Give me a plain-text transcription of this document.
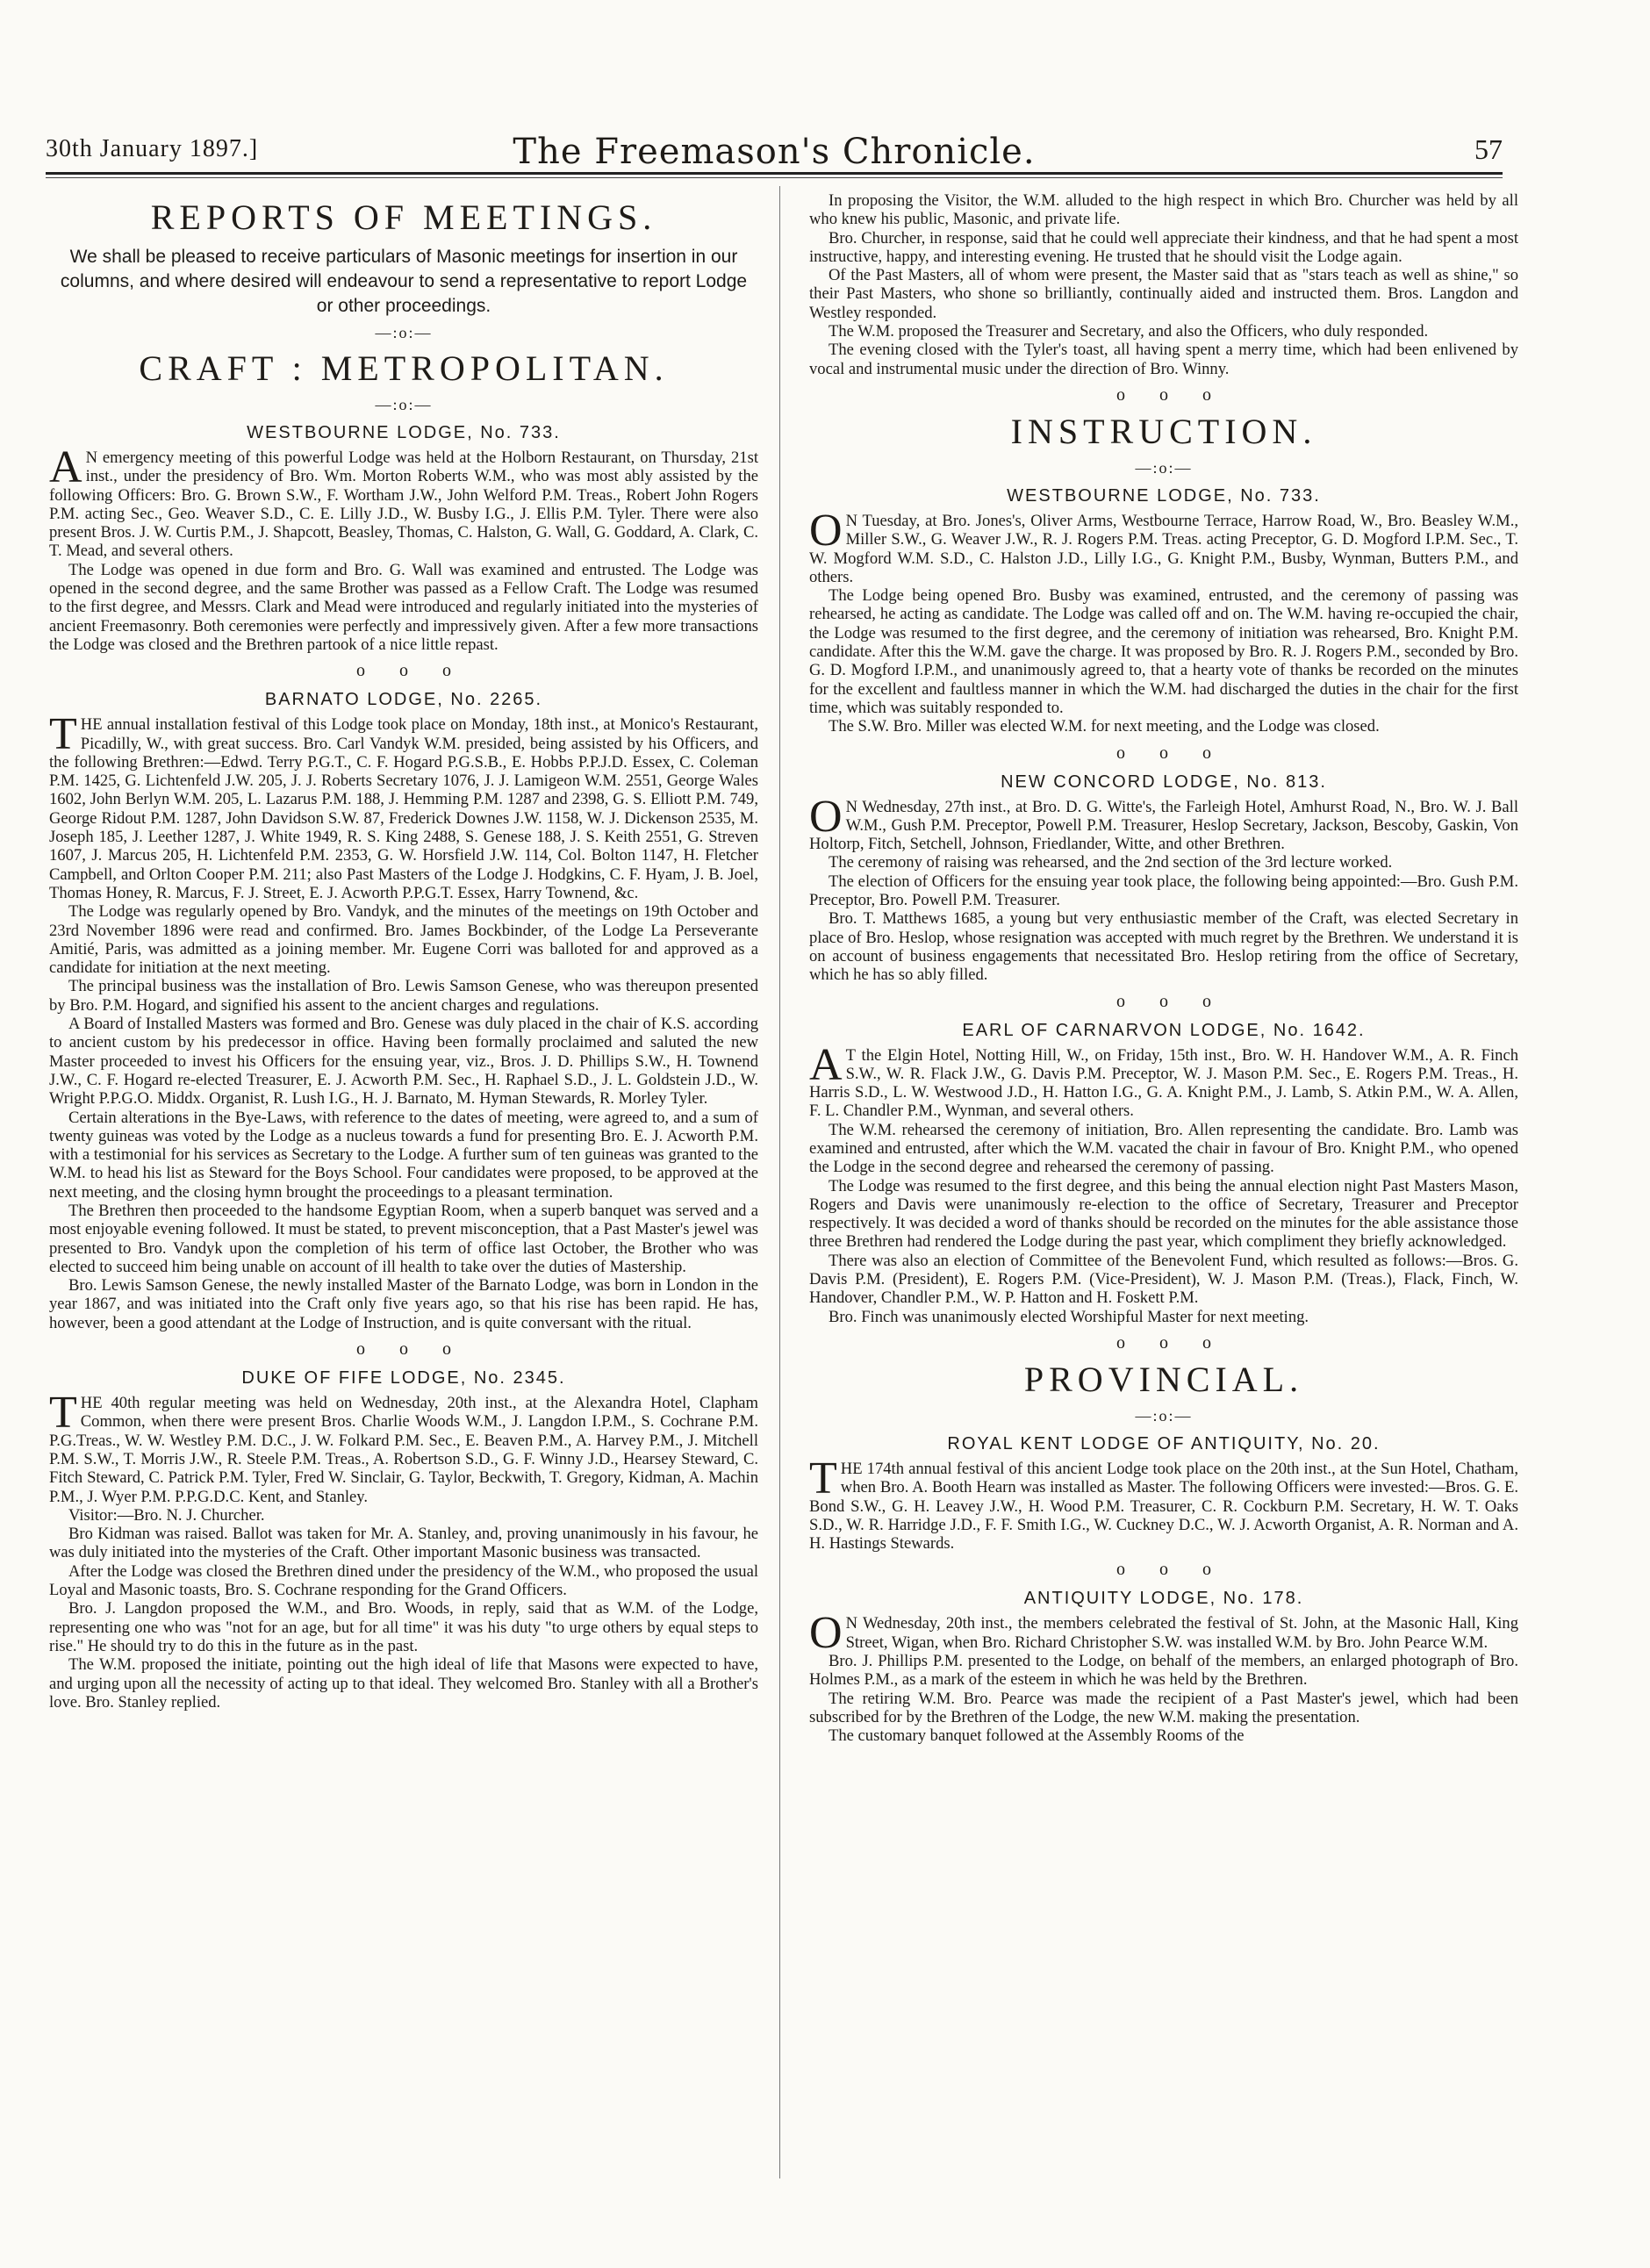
30th January 1897.]	The Freemason's Chronicle.	57
REPORTS OF MEETINGS.
We shall be pleased to receive particulars of Masonic meetings for insertion in our columns, and where desired will endeavour to send a representative to report Lodge or other proceedings.
—:o:—
CRAFT : METROPOLITAN.
—:o:—
WESTBOURNE LODGE, No. 733.

A N emergency meeting of this powerful Lodge was held at the Holborn Restaurant, on Thursday, 21st inst., under the presidency of Bro. Wm. Morton Roberts W.M., who was most ably assisted by the following Officers: Bro. G. Brown S.W., F. Wortham J.W., John Welford P.M. Treas., Robert John Rogers P.M. acting Sec., Geo. Weaver S.D., C. E. Lilly J.D., W. Busby I.G., J. Ellis P.M. Tyler. There were also present Bros. J. W. Curtis P.M., J. Shapcott, Beasley, Thomas, C. Halston, G. Wall, G. Goddard, A. Clark, C. T. Mead, and several others.

The Lodge was opened in due form and Bro. G. Wall was examined and entrusted. The Lodge was opened in the second degree, and the same Brother was passed as a Fellow Craft. The Lodge was resumed to the first degree, and Messrs. Clark and Mead were introduced and regularly initiated into the mysteries of ancient Freemasonry. Both ceremonies were perfectly and impressively given. After a few more transactions the Lodge was closed and the Brethren partook of a nice little repast.

o o o
BARNATO LODGE, No. 2265.

THE annual installation festival of this Lodge took place on Monday, 18th inst., at Monico's Restaurant, Picadilly, W., with great success. Bro. Carl Vandyk W.M. presided, being assisted by his Officers, and the following Brethren:—Edwd. Terry P.G.T., C. F. Hogard P.G.S.B., E. Hobbs P.P.J.D. Essex, C. Coleman P.M. 1425, G. Lichtenfeld J.W. 205, J. J. Roberts Secretary 1076, J. J. Lamigeon W.M. 2551, George Wales 1602, John Berlyn W.M. 205, L. Lazarus P.M. 188, J. Hemming P.M. 1287 and 2398, G. S. Elliott P.M. 749, George Ridout P.M. 1287, John Davidson S.W. 87, Frederick Downes J.W. 1158, W. J. Dickenson 2535, M. Joseph 185, J. Leether 1287, J. White 1949, R. S. King 2488, S. Genese 188, J. S. Keith 2551, G. Streven 1607, J. Marcus 205, H. Lichtenfeld P.M. 2353, G. W. Horsfield J.W. 114, Col. Bolton 1147, H. Fletcher Campbell, and Orlton Cooper P.M. 211; also Past Masters of the Lodge J. Hodgkins, C. F. Hyam, J. B. Joel, Thomas Honey, R. Marcus, F. J. Street, E. J. Acworth P.P.G.T. Essex, Harry Townend, &c.

The Lodge was regularly opened by Bro. Vandyk, and the minutes of the meetings on 19th October and 23rd November 1896 were read and confirmed. Bro. James Bockbinder, of the Lodge La Perseverante Amitié, Paris, was admitted as a joining member. Mr. Eugene Corri was balloted for and approved as a candidate for initiation at the next meeting.

The principal business was the installation of Bro. Lewis Samson Genese, who was thereupon presented by Bro. P.M. Hogard, and signified his assent to the ancient charges and regulations.

A Board of Installed Masters was formed and Bro. Genese was duly placed in the chair of K.S. according to ancient custom by his predecessor in office. Having been formally proclaimed and saluted the new Master proceeded to invest his Officers for the ensuing year, viz., Bros. J. D. Phillips S.W., H. Townend J.W., C. F. Hogard re-elected Treasurer, E. J. Acworth P.M. Sec., H. Raphael S.D., J. L. Goldstein J.D., W. Wright P.P.G.O. Middx. Organist, R. Lush I.G., H. J. Barnato, M. Hyman Stewards, R. Morley Tyler.

Certain alterations in the Bye-Laws, with reference to the dates of meeting, were agreed to, and a sum of twenty guineas was voted by the Lodge as a nucleus towards a fund for presenting Bro. E. J. Acworth P.M. with a testimonial for his services as Secretary to the Lodge. A further sum of ten guineas was granted to the W.M. to head his list as Steward for the Boys School. Four candidates were proposed, to be approved at the next meeting, and the closing hymn brought the proceedings to a pleasant termination.

The Brethren then proceeded to the handsome Egyptian Room, when a superb banquet was served and a most enjoyable evening followed. It must be stated, to prevent misconception, that a Past Master's jewel was presented to Bro. Vandyk upon the completion of his term of office last October, the Brother who was elected to succeed him being unable on account of ill health to take over the duties of Mastership.

Bro. Lewis Samson Genese, the newly installed Master of the Barnato Lodge, was born in London in the year 1867, and was initiated into the Craft only five years ago, so that his rise has been rapid. He has, however, been a good attendant at the Lodge of Instruction, and is quite conversant with the ritual.

o o o
DUKE OF FIFE LODGE, No. 2345.

THE 40th regular meeting was held on Wednesday, 20th inst., at the Alexandra Hotel, Clapham Common, when there were present Bros. Charlie Woods W.M., J. Langdon I.P.M., S. Cochrane P.M. P.G.Treas., W. W. Westley P.M. D.C., J. W. Folkard P.M. Sec., E. Beaven P.M., A. Harvey P.M., J. Mitchell P.M. S.W., T. Morris J.W., R. Steele P.M. Treas., A. Robertson S.D., G. F. Winny J.D., Hearsey Steward, C. Fitch Steward, C. Patrick P.M. Tyler, Fred W. Sinclair, G. Taylor, Beckwith, T. Gregory, Kidman, A. Machin P.M., J. Wyer P.M. P.P.G.D.C. Kent, and Stanley.

Visitor:—Bro. N. J. Churcher.

Bro Kidman was raised. Ballot was taken for Mr. A. Stanley, and, proving unanimously in his favour, he was duly initiated into the mysteries of the Craft. Other important Masonic business was transacted.

After the Lodge was closed the Brethren dined under the presidency of the W.M., who proposed the usual Loyal and Masonic toasts, Bro. S. Cochrane responding for the Grand Officers.

Bro. J. Langdon proposed the W.M., and Bro. Woods, in reply, said that as W.M. of the Lodge, representing one who was "not for an age, but for all time" it was his duty "to urge others by equal steps to rise." He should try to do this in the future as in the past.

The W.M. proposed the initiate, pointing out the high ideal of life that Masons were expected to have, and urging upon all the necessity of acting up to that ideal. They welcomed Bro. Stanley with all a Brother's love. Bro. Stanley replied.

In proposing the Visitor, the W.M. alluded to the high respect in which Bro. Churcher was held by all who knew his public, Masonic, and private life.

Bro. Churcher, in response, said that he could well appreciate their kindness, and that he had spent a most instructive, happy, and interesting evening. He trusted that he should visit the Lodge again.

Of the Past Masters, all of whom were present, the Master said that as "stars teach as well as shine," so their Past Masters, who shone so brilliantly, continually aided and instructed them. Bros. Langdon and Westley responded.

The W.M. proposed the Treasurer and Secretary, and also the Officers, who duly responded.

The evening closed with the Tyler's toast, all having spent a merry time, which had been enlivened by vocal and instrumental music under the direction of Bro. Winny.

o o o
INSTRUCTION.
—:o:—
WESTBOURNE LODGE, No. 733.

O N Tuesday, at Bro. Jones's, Oliver Arms, Westbourne Terrace, Harrow Road, W., Bro. Beasley W.M., Miller S.W., G. Weaver J.W., R. J. Rogers P.M. Treas. acting Preceptor, G. D. Mogford I.P.M. Sec., T. W. Mogford W.M. S.D., C. Halston J.D., Lilly I.G., G. Knight P.M., Busby, Wynman, Butters P.M., and others.

The Lodge being opened Bro. Busby was examined, entrusted, and the ceremony of passing was rehearsed, he acting as candidate. The Lodge was called off and on. The W.M. having re-occupied the chair, the Lodge was resumed to the first degree, and the ceremony of initiation was rehearsed, Bro. Knight P.M. candidate. After this the W.M. gave the charge. It was proposed by Bro. R. J. Rogers P.M., seconded by Bro. G. D. Mogford I.P.M., and unanimously agreed to, that a hearty vote of thanks be recorded on the minutes for the excellent and faultless manner in which the W.M. had discharged the duties in the chair for the first time, which was suitably responded to.

The S.W. Bro. Miller was elected W.M. for next meeting, and the Lodge was closed.

o o o
NEW CONCORD LODGE, No. 813.

O N Wednesday, 27th inst., at Bro. D. G. Witte's, the Farleigh Hotel, Amhurst Road, N., Bro. W. J. Ball W.M., Gush P.M. Preceptor, Powell P.M. Treasurer, Heslop Secretary, Jackson, Bescoby, Gaskin, Von Holtorp, Fitch, Setchell, Johnson, Friedlander, Witte, and other Brethren.

The ceremony of raising was rehearsed, and the 2nd section of the 3rd lecture worked.

The election of Officers for the ensuing year took place, the following being appointed:—Bro. Gush P.M. Preceptor, Bro. Powell P.M. Treasurer.

Bro. T. Matthews 1685, a young but very enthusiastic member of the Craft, was elected Secretary in place of Bro. Heslop, whose resignation was accepted with much regret by the Brethren. We understand it is on account of business engagements that necessitated Bro. Heslop retiring from the office of Secretary, which he has so ably filled.

o o o
EARL OF CARNARVON LODGE, No. 1642.

A T the Elgin Hotel, Notting Hill, W., on Friday, 15th inst., Bro. W. H. Handover W.M., A. R. Finch S.W., W. R. Flack J.W., G. Davis P.M. Preceptor, W. J. Mason P.M. Sec., E. Rogers P.M. Treas., H. Harris S.D., L. W. Westwood J.D., H. Hatton I.G., G. A. Knight P.M., J. Lamb, S. Atkin P.M., W. A. Allen, F. L. Chandler P.M., Wynman, and several others.

The W.M. rehearsed the ceremony of initiation, Bro. Allen representing the candidate. Bro. Lamb was examined and entrusted, after which the W.M. vacated the chair in favour of Bro. Knight P.M., who opened the Lodge in the second degree and rehearsed the ceremony of passing.

The Lodge was resumed to the first degree, and this being the annual election night Past Masters Mason, Rogers and Davis were unanimously re-election to the office of Secretary, Treasurer and Preceptor respectively. It was decided a word of thanks should be recorded on the minutes for the able assistance those three Brethren had rendered the Lodge during the past year, which compliment they briefly acknowledged.

There was also an election of Committee of the Benevolent Fund, which resulted as follows:—Bros. G. Davis P.M. (President), E. Rogers P.M. (Vice-President), W. J. Mason P.M. (Treas.), Flack, Finch, W. Handover, Chandler P.M., W. P. Hatton and H. Foskett P.M.

Bro. Finch was unanimously elected Worshipful Master for next meeting.

o o o
PROVINCIAL.
—:o:—
ROYAL KENT LODGE OF ANTIQUITY, No. 20.

THE 174th annual festival of this ancient Lodge took place on the 20th inst., at the Sun Hotel, Chatham, when Bro. A. Booth Hearn was installed as Master. The following Officers were invested:—Bros. G. E. Bond S.W., G. H. Leavey J.W., H. Wood P.M. Treasurer, C. R. Cockburn P.M. Secretary, H. W. T. Oaks S.D., W. R. Harridge J.D., F. F. Smith I.G., W. Cuckney D.C., W. J. Acworth Organist, A. R. Norman and A. H. Hastings Stewards.

o o o
ANTIQUITY LODGE, No. 178.

O N Wednesday, 20th inst., the members celebrated the festival of St. John, at the Masonic Hall, King Street, Wigan, when Bro. Richard Christopher S.W. was installed W.M. by Bro. John Pearce W.M.

Bro. J. Phillips P.M. presented to the Lodge, on behalf of the members, an enlarged photograph of Bro. Holmes P.M., as a mark of the esteem in which he was held by the Brethren.

The retiring W.M. Bro. Pearce was made the recipient of a Past Master's jewel, which had been subscribed for by the Brethren of the Lodge, the new W.M. making the presentation.

The customary banquet followed at the Assembly Rooms of the
